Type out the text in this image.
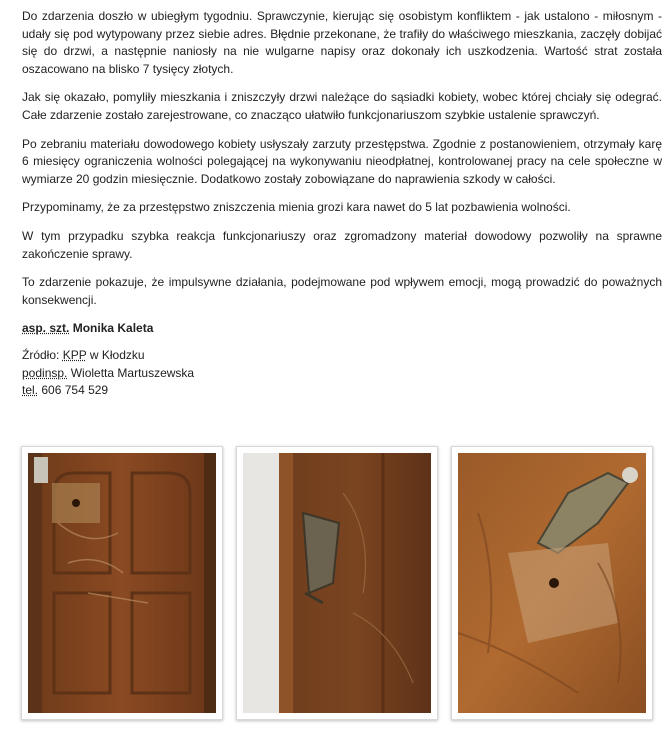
Do zdarzenia doszło w ubiegłym tygodniu. Sprawczynie, kierując się osobistym konfliktem - jak ustalono - miłosnym - udały się pod wytypowany przez siebie adres. Błędnie przekonane, że trafiły do właściwego mieszkania, zaczęły dobijać się do drzwi, a następnie naniosły na nie wulgarne napisy oraz dokonały ich uszkodzenia. Wartość strat została oszacowano na blisko 7 tysięcy złotych.

Jak się okazało, pomyliły mieszkania i zniszczyły drzwi należące do sąsiadki kobiety, wobec której chciały się odegrać. Całe zdarzenie zostało zarejestrowane, co znacząco ułatwiło funkcjonariuszom szybkie ustalenie sprawczyń.

Po zebraniu materiału dowodowego kobiety usłyszały zarzuty przestępstwa. Zgodnie z postanowieniem, otrzymały karę 6 miesięcy ograniczenia wolności polegającej na wykonywaniu nieodpłatnej, kontrolowanej pracy na cele społeczne w wymiarze 20 godzin miesięcznie. Dodatkowo zostały zobowiązane do naprawienia szkody w całości.

Przypominamy, że za przestępstwo zniszczenia mienia grozi kara nawet do 5 lat pozbawienia wolności.

W tym przypadku szybka reakcja funkcjonariuszy oraz zgromadzony materiał dowodowy pozwoliły na sprawne zakończenie sprawy.

To zdarzenie pokazuje, że impulsywne działania, podejmowane pod wpływem emocji, mogą prowadzić do poważnych konsekwencji.

asp. szt. Monika Kaleta

Źródło: KPP w Kłodzku

podinsp. Wioletta Martuszewska

tel. 606 754 529
